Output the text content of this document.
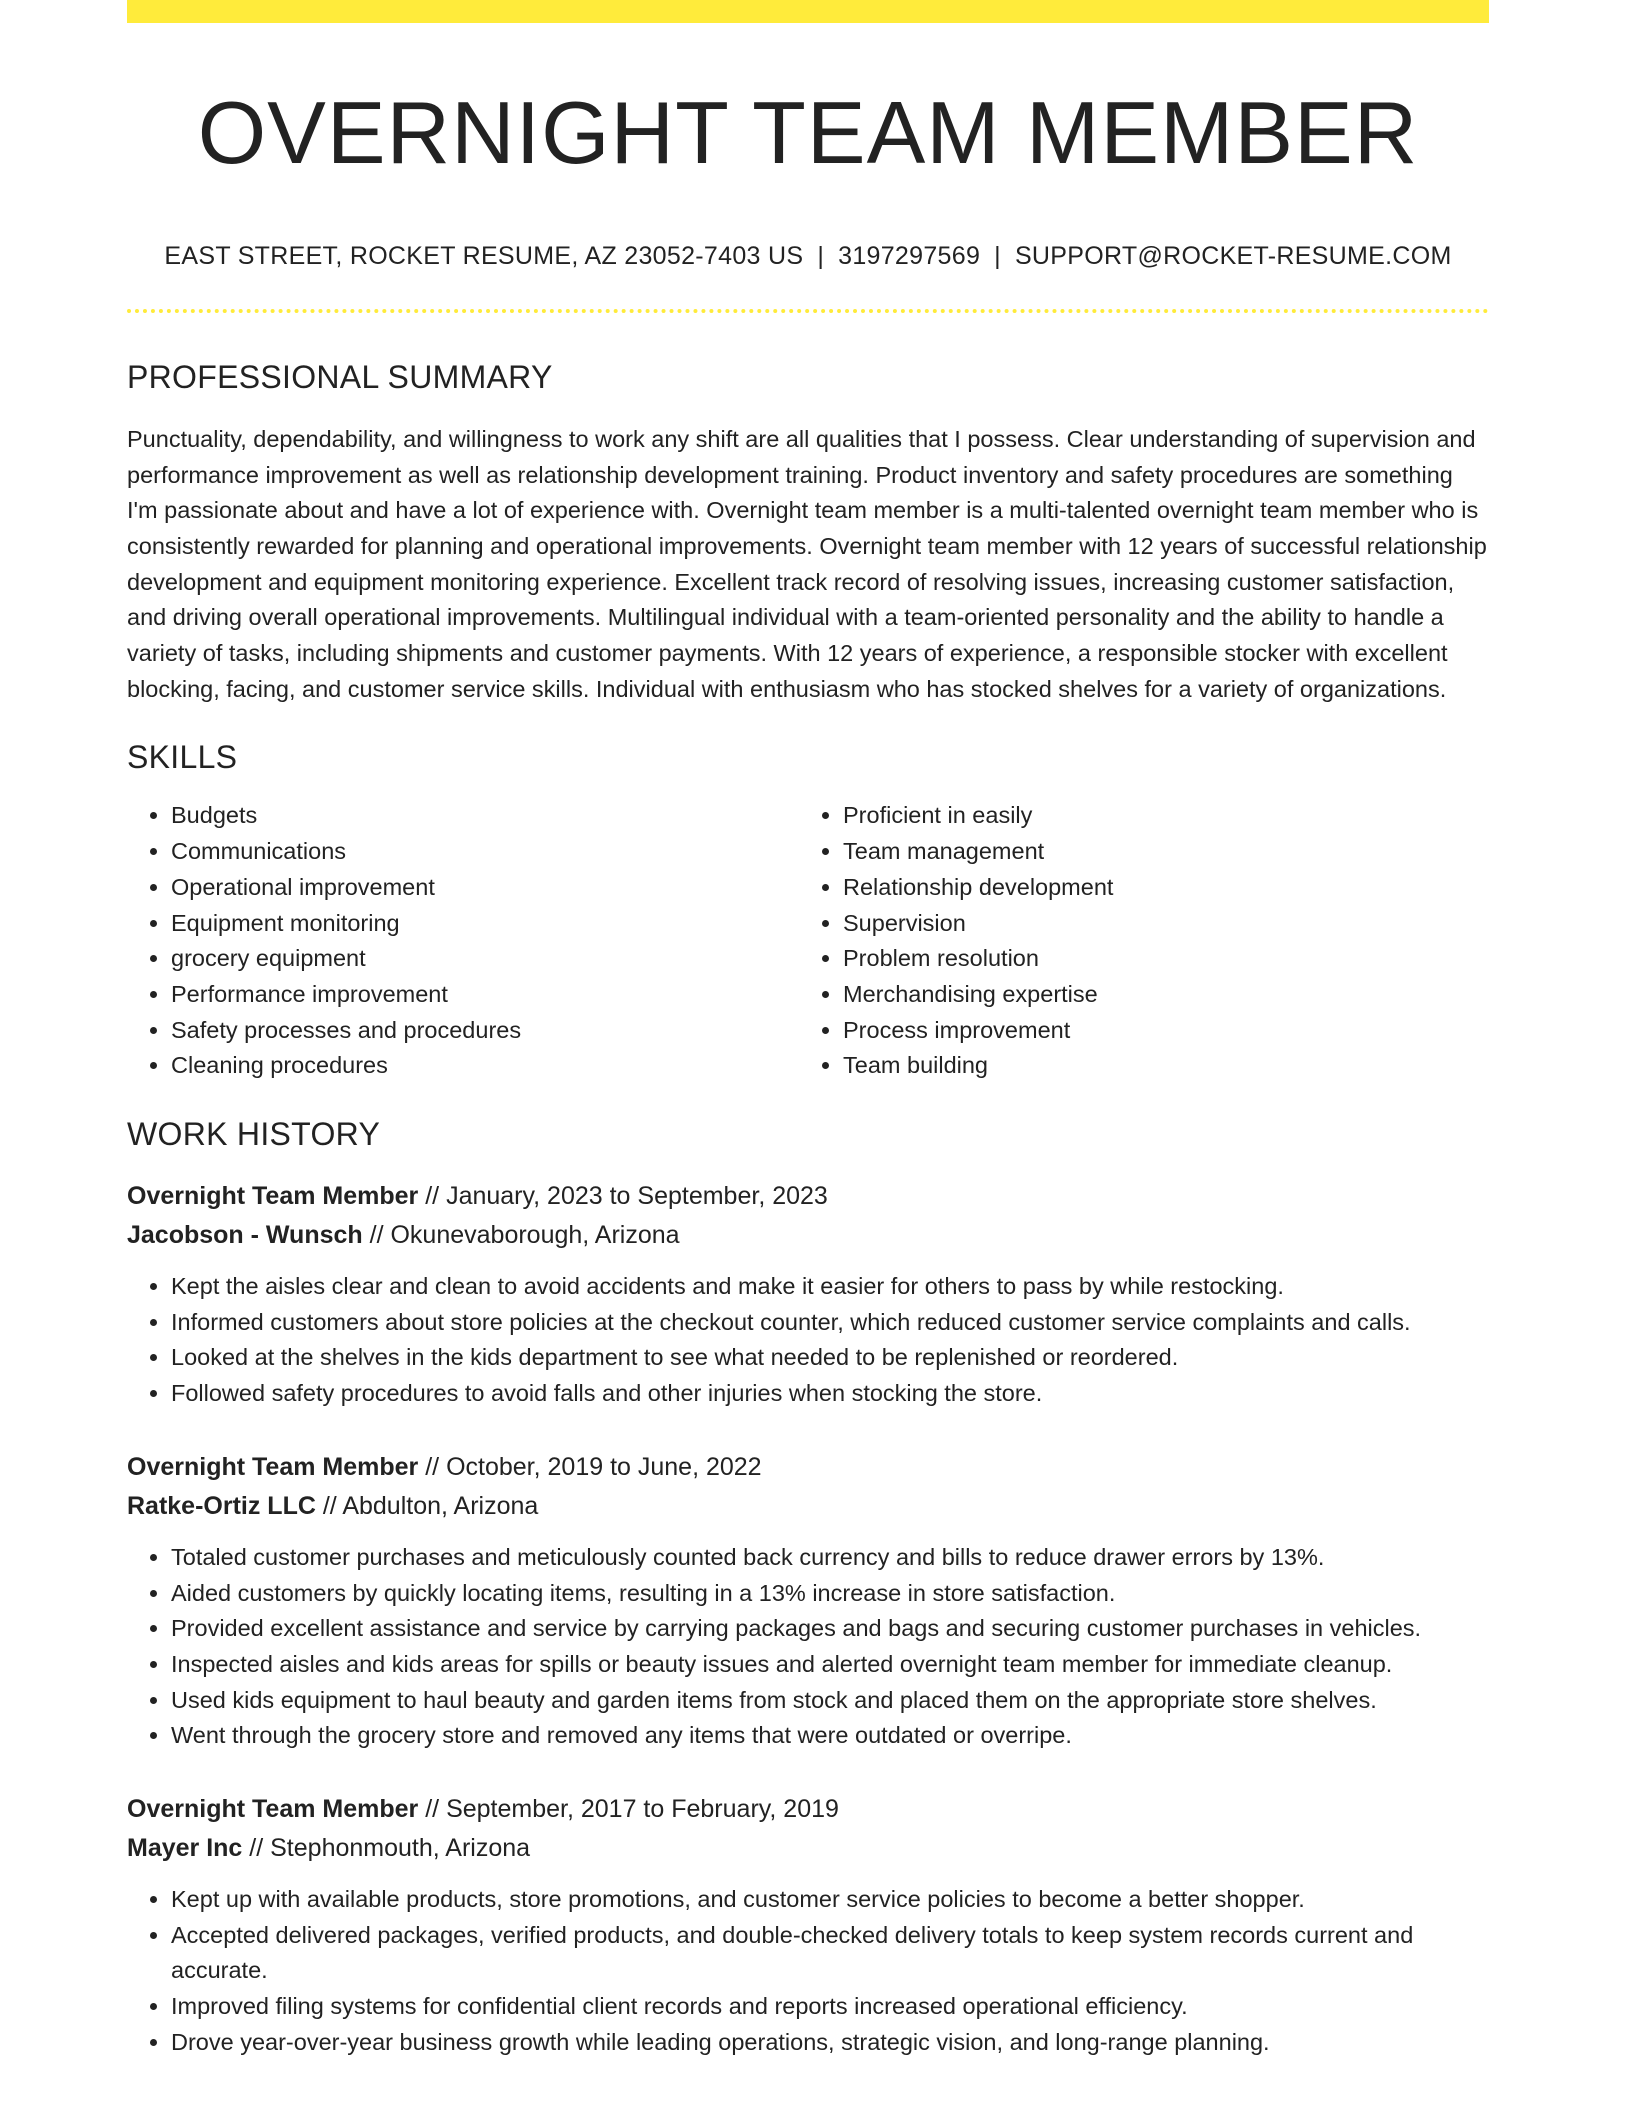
OVERNIGHT TEAM MEMBER
EAST STREET, ROCKET RESUME, AZ 23052-7403 US | 3197297569 | SUPPORT@ROCKET-RESUME.COM
PROFESSIONAL SUMMARY
Punctuality, dependability, and willingness to work any shift are all qualities that I possess. Clear understanding of supervision and performance improvement as well as relationship development training. Product inventory and safety procedures are something I'm passionate about and have a lot of experience with. Overnight team member is a multi-talented overnight team member who is consistently rewarded for planning and operational improvements. Overnight team member with 12 years of successful relationship development and equipment monitoring experience. Excellent track record of resolving issues, increasing customer satisfaction, and driving overall operational improvements. Multilingual individual with a team-oriented personality and the ability to handle a variety of tasks, including shipments and customer payments. With 12 years of experience, a responsible stocker with excellent blocking, facing, and customer service skills. Individual with enthusiasm who has stocked shelves for a variety of organizations.
SKILLS
• Budgets
• Communications
• Operational improvement
• Equipment monitoring
• grocery equipment
• Performance improvement
• Safety processes and procedures
• Cleaning procedures
• Proficient in easily
• Team management
• Relationship development
• Supervision
• Problem resolution
• Merchandising expertise
• Process improvement
• Team building
WORK HISTORY
Overnight Team Member // January, 2023 to September, 2023
Jacobson - Wunsch // Okunevaborough, Arizona
• Kept the aisles clear and clean to avoid accidents and make it easier for others to pass by while restocking.
• Informed customers about store policies at the checkout counter, which reduced customer service complaints and calls.
• Looked at the shelves in the kids department to see what needed to be replenished or reordered.
• Followed safety procedures to avoid falls and other injuries when stocking the store.
Overnight Team Member // October, 2019 to June, 2022
Ratke-Ortiz LLC // Abdulton, Arizona
• Totaled customer purchases and meticulously counted back currency and bills to reduce drawer errors by 13%.
• Aided customers by quickly locating items, resulting in a 13% increase in store satisfaction.
• Provided excellent assistance and service by carrying packages and bags and securing customer purchases in vehicles.
• Inspected aisles and kids areas for spills or beauty issues and alerted overnight team member for immediate cleanup.
• Used kids equipment to haul beauty and garden items from stock and placed them on the appropriate store shelves.
• Went through the grocery store and removed any items that were outdated or overripe.
Overnight Team Member // September, 2017 to February, 2019
Mayer Inc // Stephonmouth, Arizona
• Kept up with available products, store promotions, and customer service policies to become a better shopper.
• Accepted delivered packages, verified products, and double-checked delivery totals to keep system records current and accurate.
• Improved filing systems for confidential client records and reports increased operational efficiency.
• Drove year-over-year business growth while leading operations, strategic vision, and long-range planning.
